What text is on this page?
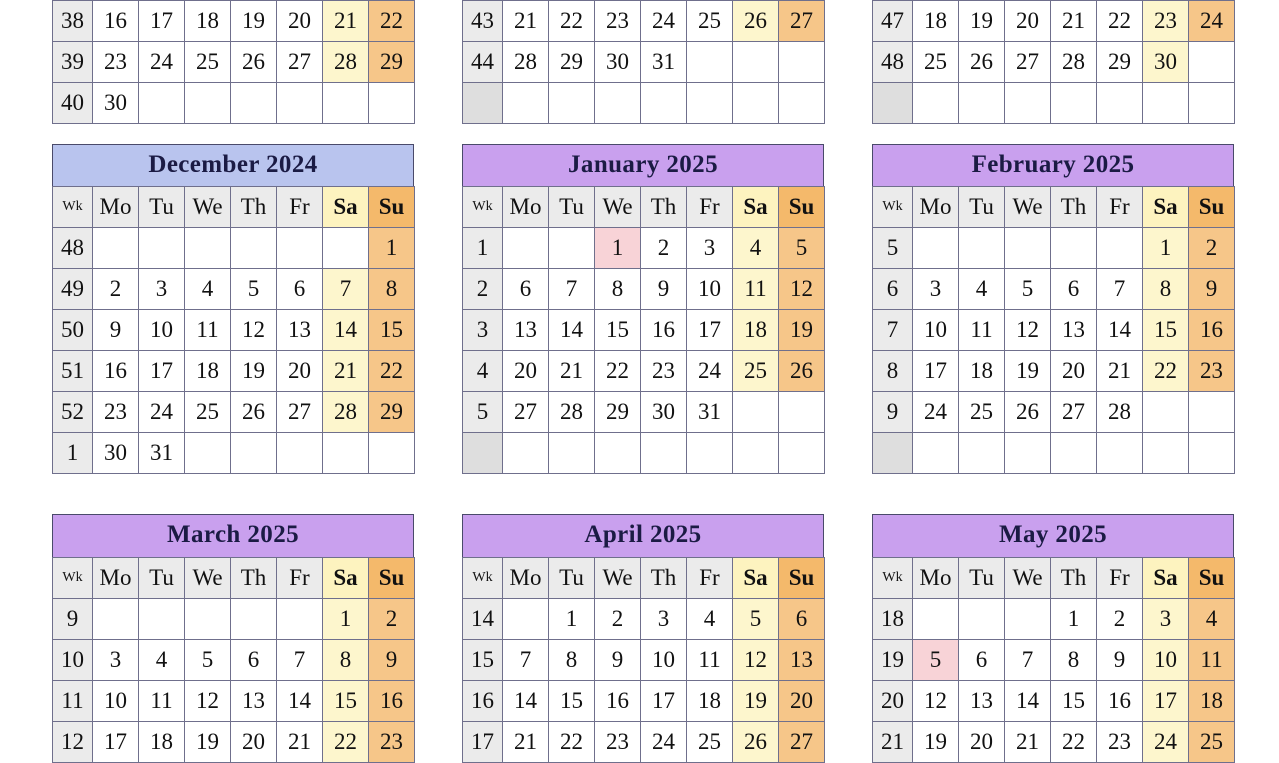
38	16	17	18	19	20	21	22
39	23	24	25	26	27	28	29
40	30						
43	21	22	23	24	25	26	27
44	28	29	30	31			

47	18	19	20	21	22	23	24
48	25	26	27	28	29	30	

December 2024
Wk	Mo	Tu	We	Th	Fr	Sa	Su
48							1
49	2	3	4	5	6	7	8
50	9	10	11	12	13	14	15
51	16	17	18	19	20	21	22
52	23	24	25	26	27	28	29
1	30	31					
January 2025
Wk	Mo	Tu	We	Th	Fr	Sa	Su
1			1	2	3	4	5
2	6	7	8	9	10	11	12
3	13	14	15	16	17	18	19
4	20	21	22	23	24	25	26
5	27	28	29	30	31		

February 2025
Wk	Mo	Tu	We	Th	Fr	Sa	Su
5						1	2
6	3	4	5	6	7	8	9
7	10	11	12	13	14	15	16
8	17	18	19	20	21	22	23
9	24	25	26	27	28		

March 2025
Wk	Mo	Tu	We	Th	Fr	Sa	Su
9						1	2
10	3	4	5	6	7	8	9
11	10	11	12	13	14	15	16
12	17	18	19	20	21	22	23
April 2025
Wk	Mo	Tu	We	Th	Fr	Sa	Su
14		1	2	3	4	5	6
15	7	8	9	10	11	12	13
16	14	15	16	17	18	19	20
17	21	22	23	24	25	26	27
May 2025
Wk	Mo	Tu	We	Th	Fr	Sa	Su
18				1	2	3	4
19	5	6	7	8	9	10	11
20	12	13	14	15	16	17	18
21	19	20	21	22	23	24	25
